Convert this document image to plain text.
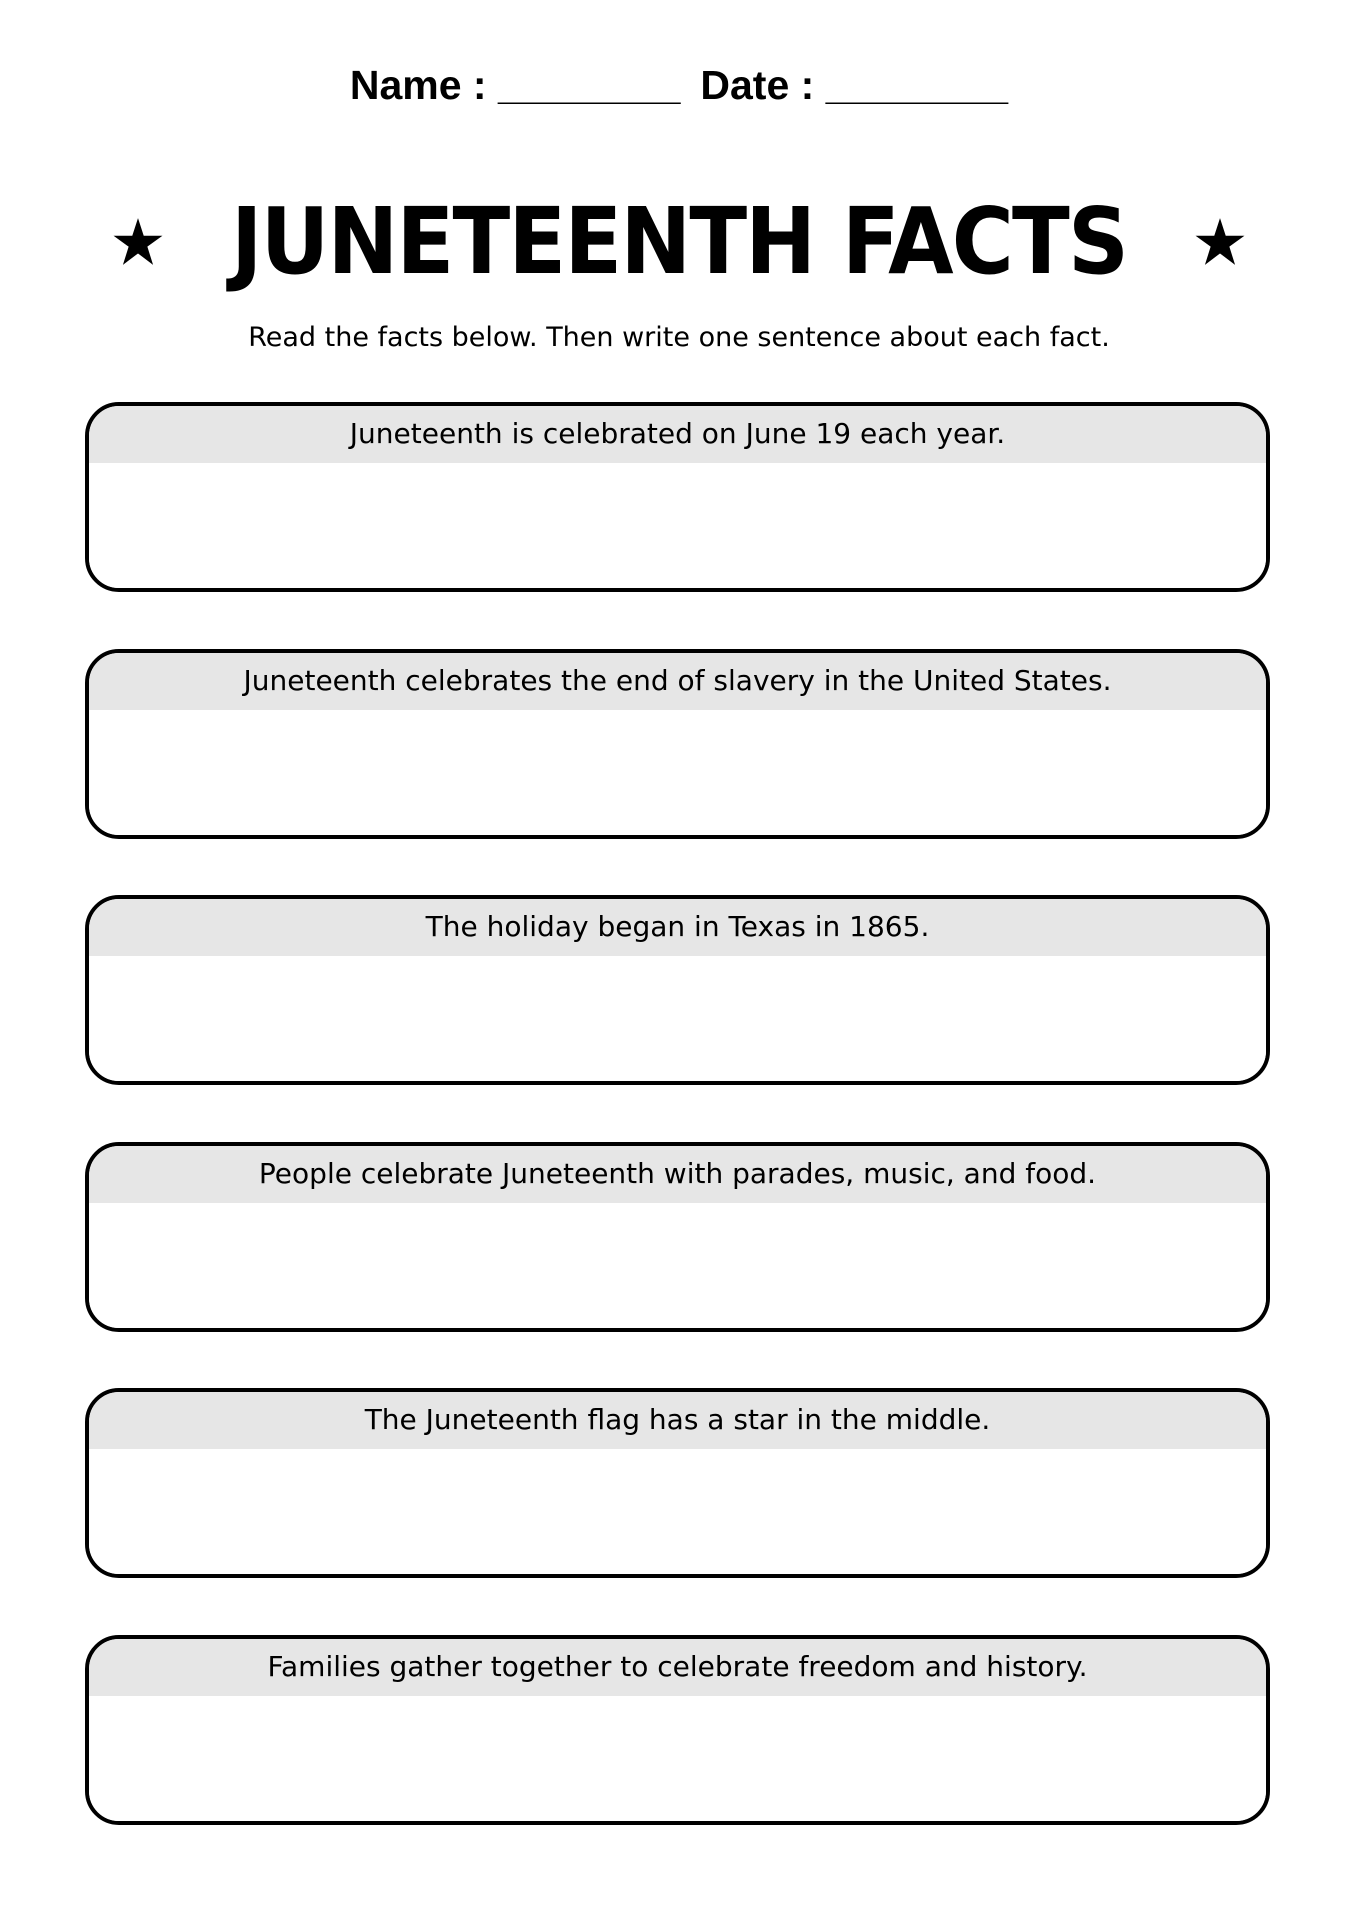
Name : ________ Date : ________
JUNETEENTH FACTS
Read the facts below. Then write one sentence about each fact.
Juneteenth is celebrated on June 19 each year.
Juneteenth celebrates the end of slavery in the United States.
The holiday began in Texas in 1865.
People celebrate Juneteenth with parades, music, and food.
The Juneteenth flag has a star in the middle.
Families gather together to celebrate freedom and history.
